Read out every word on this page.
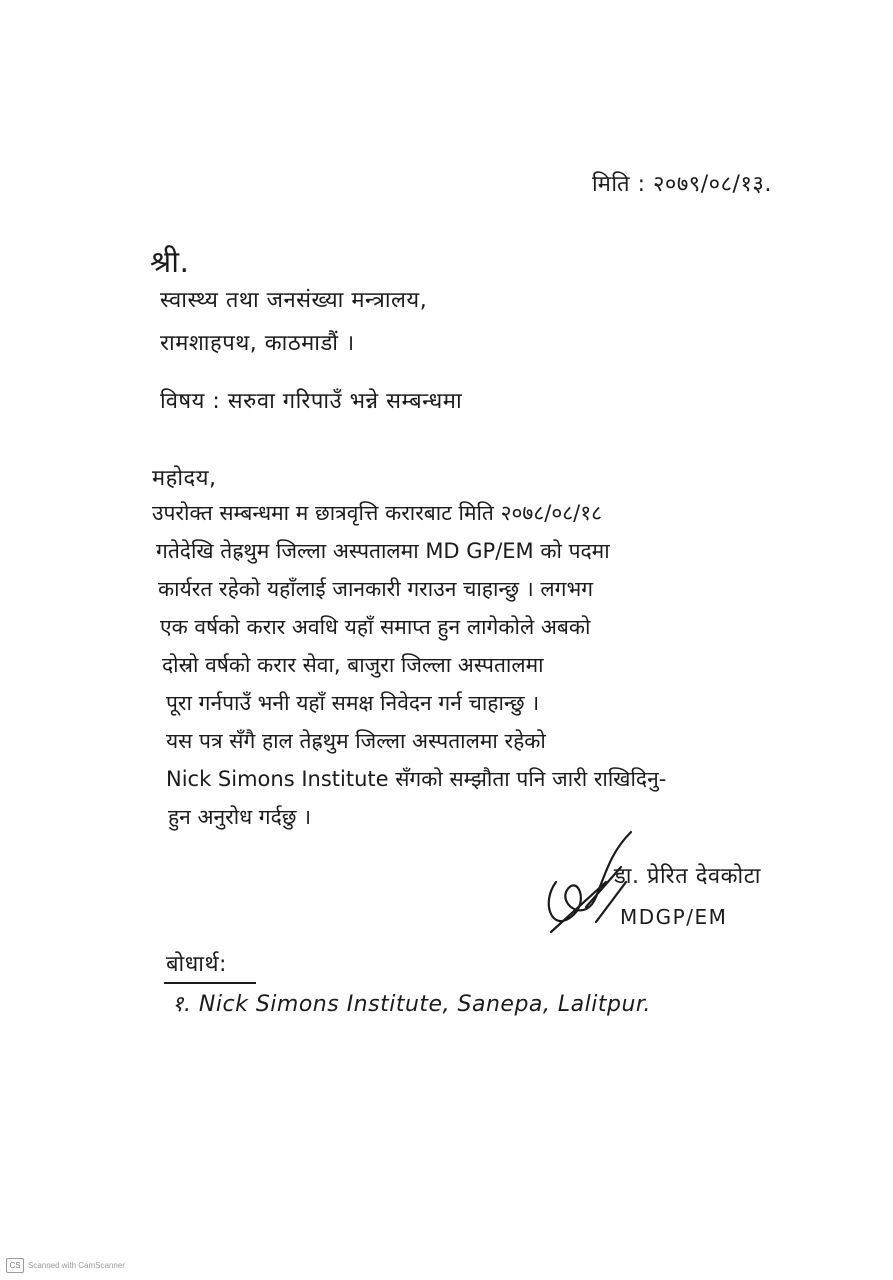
मिति : २०७९/०८/१३.
श्री.
स्वास्थ्य तथा जनसंख्या मन्त्रालय,
रामशाहपथ, काठमाडौं ।
विषय : सरुवा गरिपाउँ भन्ने सम्बन्धमा
महोदय,
उपरोक्त सम्बन्धमा म छात्रवृत्ति करारबाट मिति २०७८/०८/१८
गतेदेखि तेह्रथुम जिल्ला अस्पतालमा MD GP/EM को पदमा
कार्यरत रहेको यहाँलाई जानकारी गराउन चाहान्छु । लगभग
एक वर्षको करार अवधि यहाँ समाप्त हुन लागेकोले अबको
दोस्रो वर्षको करार सेवा, बाजुरा जिल्ला अस्पतालमा
पूरा गर्नपाउँ भनी यहाँ समक्ष निवेदन गर्न चाहान्छु ।
यस पत्र सँगै हाल तेह्रथुम जिल्ला अस्पतालमा रहेको
Nick Simons Institute सँगको सम्झौता पनि जारी राखिदिनु-
हुन अनुरोध गर्दछु ।
डा. प्रेरित देवकोटा
MDGP/EM
बोधार्थ:
१. Nick Simons Institute, Sanepa, Lalitpur.
CS Scanned with CamScanner
